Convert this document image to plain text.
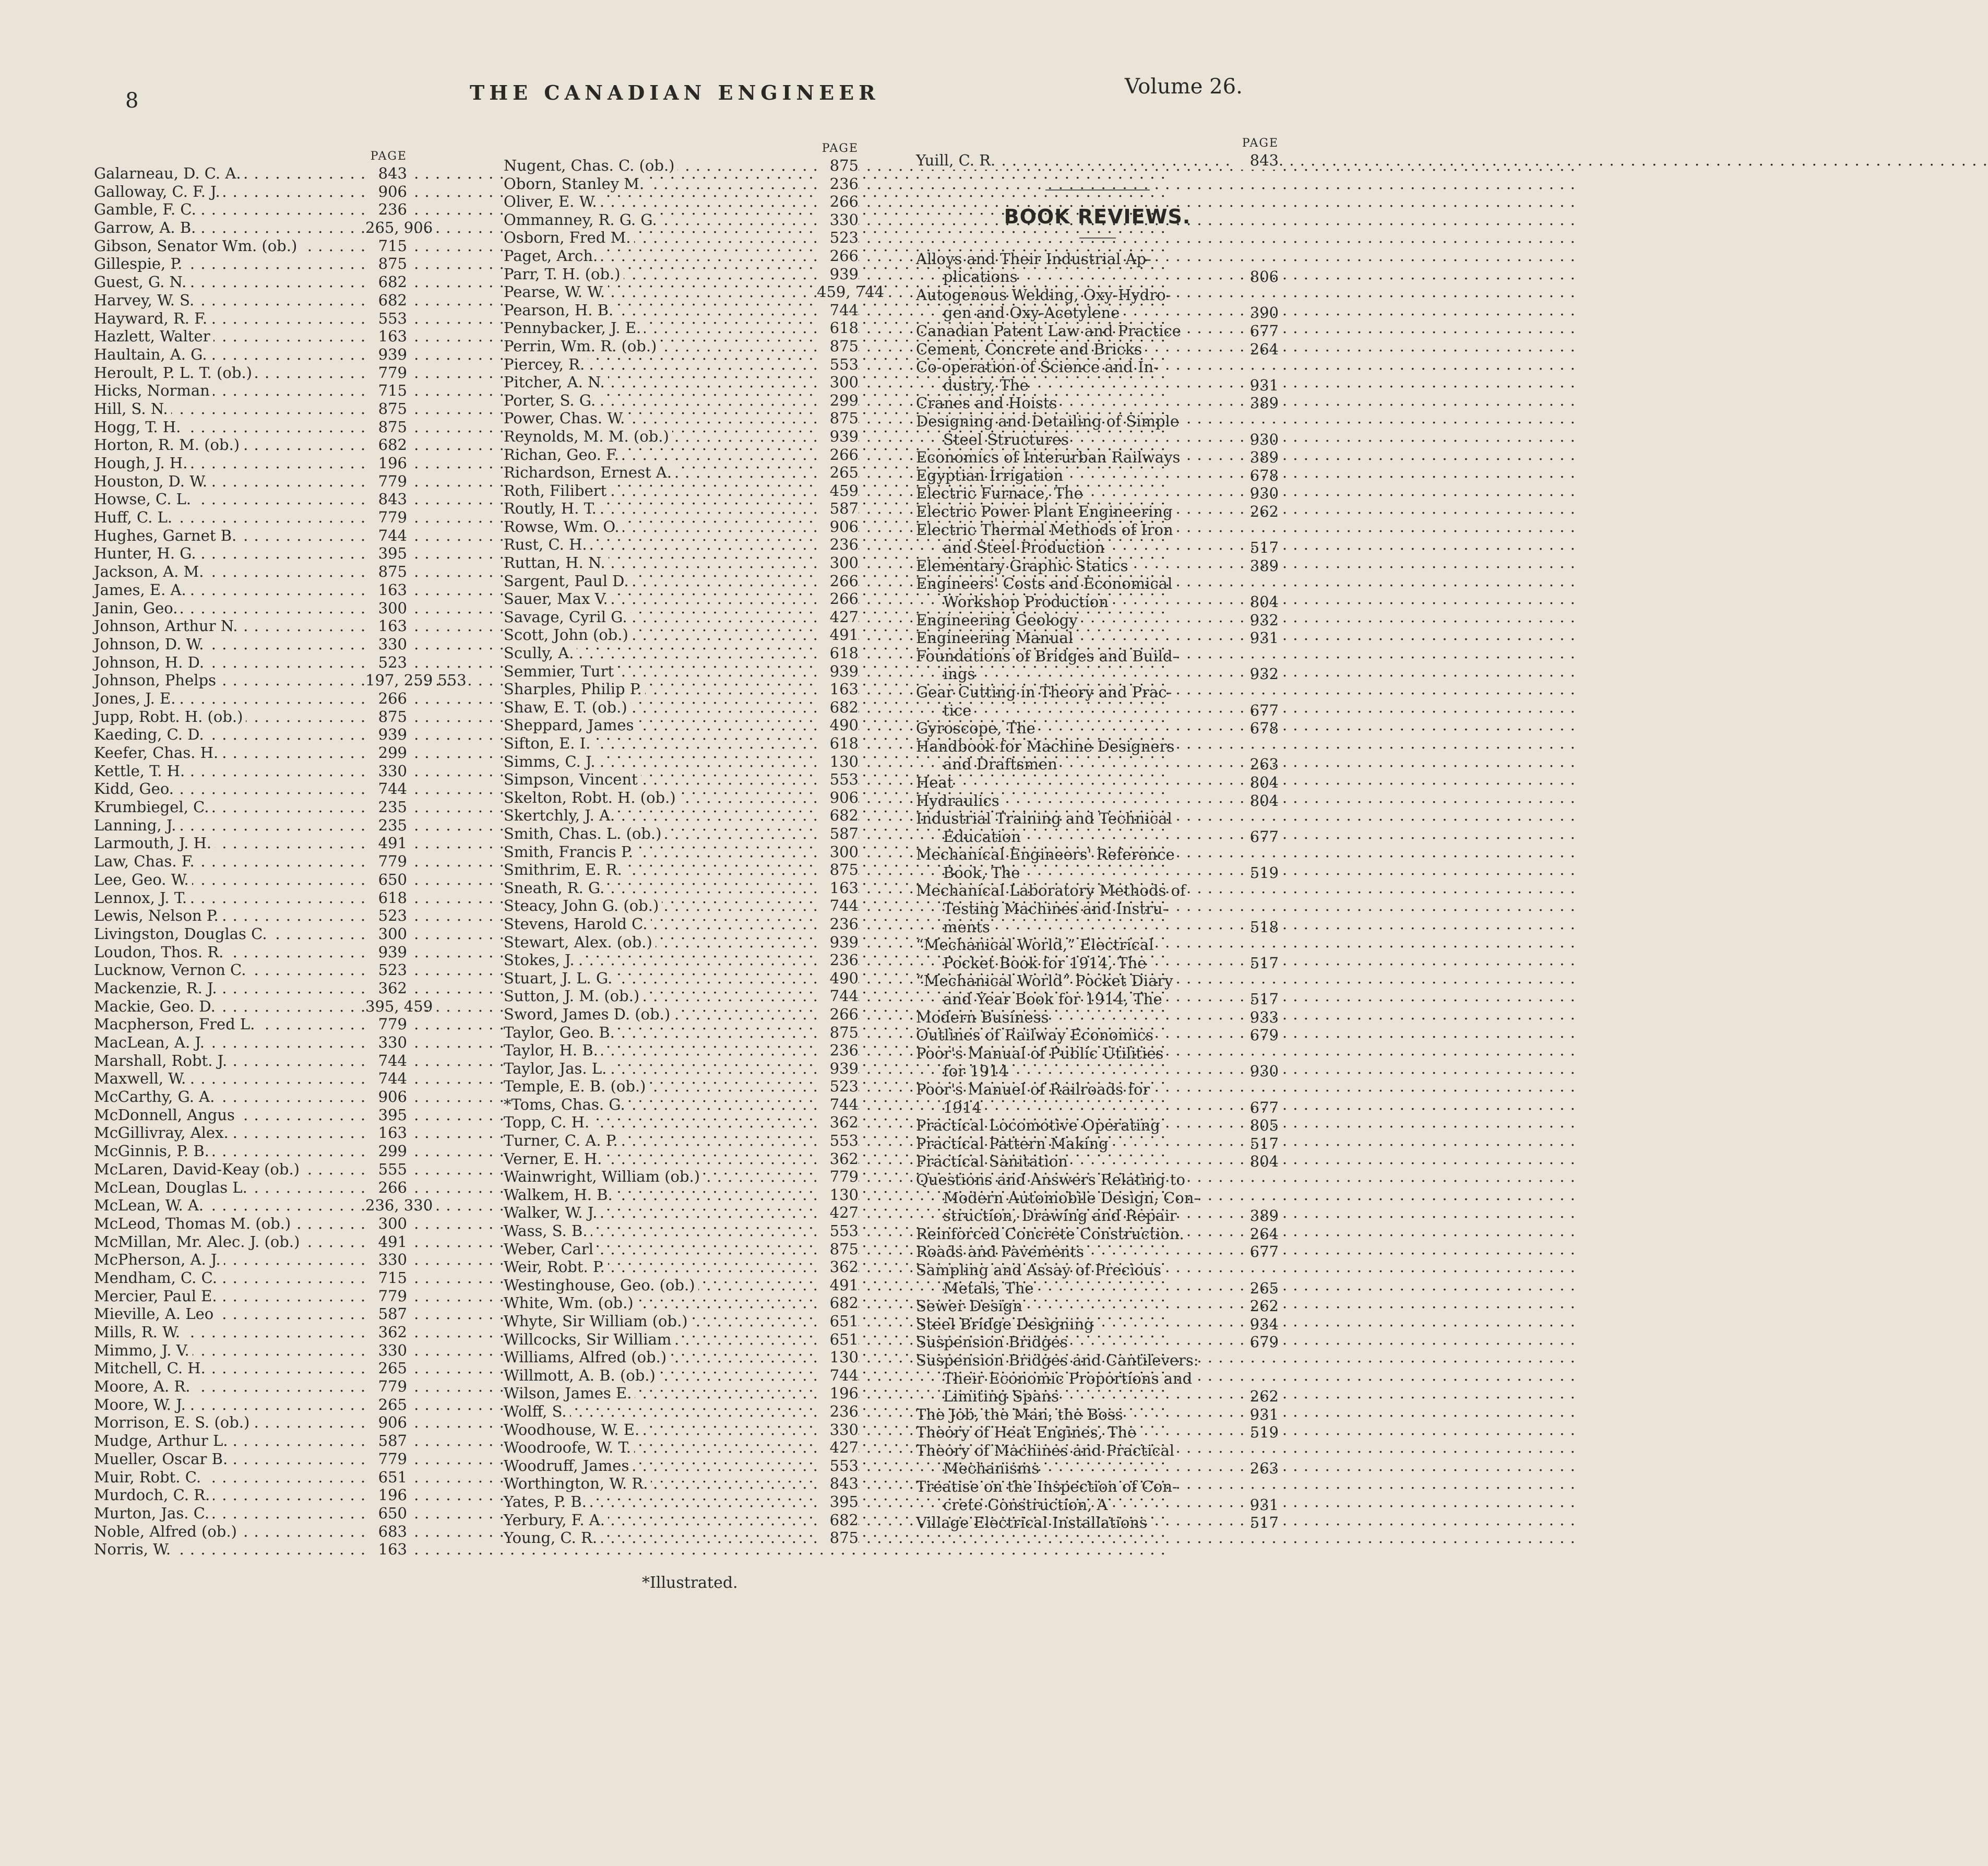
8	THE CANADIAN ENGINEER	Volume 26.
PAGE
Galarneau, D. C. A. . . .	843
Galloway, C. F. J. . . .	906
Gamble, F. C. . . .	236
Garrow, A. B. . . .	265, 906
Gibson, Senator Wm. (ob.) . . .	715
Gillespie, P. . . .	875
Guest, G. N. . . .	682
Harvey, W. S. . . .	682
Hayward, R. F. . . .	553
Hazlett, Walter . . .	163
Haultain, A. G. . . .	939
Heroult, P. L. T. (ob.) . . .	779
Hicks, Norman . . .	715
Hill, S. N. . . .	875
Hogg, T. H. . . .	875
Horton, R. M. (ob.) . . .	682
Hough, J. H. . . .	196
Houston, D. W. . . .	779
Howse, C. L. . . .	843
Huff, C. L. . . .	779
Hughes, Garnet B. . . .	744
Hunter, H. G. . . .	395
Jackson, A. M. . . .	875
James, E. A. . . .	163
Janin, Geo. . . .	300
Johnson, Arthur N. . . .	163
Johnson, D. W. . . .	330
Johnson, H. D. . . .	523
Johnson, Phelps . . .	197, 259 553
Jones, J. E. . . .	266
Jupp, Robt. H. (ob.) . . .	875
Kaeding, C. D. . . .	939
Keefer, Chas. H. . . .	299
Kettle, T. H. . . .	330
Kidd, Geo. . . .	744
Krumbiegel, C. . . .	235
Lanning, J. . . .	235
Larmouth, J. H. . . .	491
Law, Chas. F. . . .	779
Lee, Geo. W. . . .	650
Lennox, J. T. . . .	618
Lewis, Nelson P. . . .	523
Livingston, Douglas C. . . .	300
Loudon, Thos. R. . . .	939
Lucknow, Vernon C. . . .	523
Mackenzie, R. J. . . .	362
Mackie, Geo. D. . . .	395, 459
Macpherson, Fred L. . . .	779
MacLean, A. J. . . .	330
Marshall, Robt. J. . . .	744
Maxwell, W. . . .	744
McCarthy, G. A. . . .	906
McDonnell, Angus . . .	395
McGillivray, Alex. . . .	163
McGinnis, P. B. . . .	299
McLaren, David-Keay (ob.) . . .	555
McLean, Douglas L. . . .	266
McLean, W. A. . . .	236, 330
McLeod, Thomas M. (ob.) . . .	300
McMillan, Mr. Alec. J. (ob.) . . .	491
McPherson, A. J. . . .	330
Mendham, C. C. . . .	715
Mercier, Paul E. . . .	779
Mieville, A. Leo . . .	587
Mills, R. W. . . .	362
Mimmo, J. V. . . .	330
Mitchell, C. H. . . .	265
Moore, A. R. . . .	779
Moore, W. J. . . .	265
Morrison, E. S. (ob.) . . .	906
Mudge, Arthur L. . . .	587
Mueller, Oscar B. . . .	779
Muir, Robt. C. . . .	651
Murdoch, C. R. . . .	196
Murton, Jas. C. . . .	650
Noble, Alfred (ob.) . . .	683
Norris, W. . . .	163
PAGE
Nugent, Chas. C. (ob.) . . .	875
Oborn, Stanley M. . . .	236
Oliver, E. W. . . .	266
Ommanney, R. G. G. . . .	330
Osborn, Fred M. . . .	523
Paget, Arch. . . .	266
Parr, T. H. (ob.) . . .	939
Pearse, W. W. . . .	459, 744
Pearson, H. B. . . .	744
Pennybacker, J. E. . . .	618
Perrin, Wm. R. (ob.) . . .	875
Piercey, R. . . .	553
Pitcher, A. N. . . .	300
Porter, S. G. . . .	299
Power, Chas. W. . . .	875
Reynolds, M. M. (ob.) . . .	939
Richan, Geo. F. . . .	266
Richardson, Ernest A. . . .	265
Roth, Filibert . . .	459
Routly, H. T. . . .	587
Rowse, Wm. O. . . .	906
Rust, C. H. . . .	236
Ruttan, H. N. . . .	300
Sargent, Paul D. . . .	266
Sauer, Max V. . . .	266
Savage, Cyril G. . . .	427
Scott, John (ob.) . . .	491
Scully, A. . . .	618
Semmier, Turt . . .	939
Sharples, Philip P. . . .	163
Shaw, E. T. (ob.) . . .	682
Sheppard, James . . .	490
Sifton, E. I. . . .	618
Simms, C. J. . . .	130
Simpson, Vincent . . .	553
Skelton, Robt. H. (ob.) . . .	906
Skertchly, J. A. . . .	682
Smith, Chas. L. (ob.) . . .	587
Smith, Francis P. . . .	300
Smithrim, E. R. . . .	875
Sneath, R. G. . . .	163
Steacy, John G. (ob.) . . .	744
Stevens, Harold C. . . .	236
Stewart, Alex. (ob.) . . .	939
Stokes, J. . . .	236
Stuart, J. L. G. . . .	490
Sutton, J. M. (ob.) . . .	744
Sword, James D. (ob.) . . .	266
Taylor, Geo. B. . . .	875
Taylor, H. B. . . .	236
Taylor, Jas. L. . . .	939
Temple, E. B. (ob.) . . .	523
*Toms, Chas. G. . . .	744
Topp, C. H. . . .	362
Turner, C. A. P. . . .	553
Verner, E. H. . . .	362
Wainwright, William (ob.) . . .	779
Walkem, H. B. . . .	130
Walker, W. J. . . .	427
Wass, S. B. . . .	553
Weber, Carl . . .	875
Weir, Robt. P. . . .	362
Westinghouse, Geo. (ob.) . . .	491
White, Wm. (ob.) . . .	682
Whyte, Sir William (ob.) . . .	651
Willcocks, Sir William . . .	651
Williams, Alfred (ob.) . . .	130
Willmott, A. B. (ob.) . . .	744
Wilson, James E. . . .	196
Wolff, S. . . .	236
Woodhouse, W. E. . . .	330
Woodroofe, W. T. . . .	427
Woodruff, James . . .	553
Worthington, W. R. . . .	843
Yates, P. B. . . .	395
Yerbury, F. A. . . .	682
Young, C. R. . . .	875
PAGE
Yuill, C. R. . . .	843
BOOK REVIEWS.
Alloys and Their Industrial Ap-
plications	806
Autogenous Welding, Oxy-Hydro-
gen and Oxy-Acetylene	390
Canadian Patent Law and Practice	677
Cement, Concrete and Bricks	264
Co-operation of Science and In-
dustry, The	931
Cranes and Hoists	389
Designing and Detailing of Simple
Steel Structures	930
Economics of Interurban Railways	389
Egyptian Irrigation	678
Electric Furnace, The	930
Electric Power Plant Engineering	262
Electric Thermal Methods of Iron
and Steel Production	517
Elementary Graphic Statics	389
Engineers' Costs and Economical
Workshop Production	804
Engineering Geology	932
Engineering Manual	931
Foundations of Bridges and Build-
ings	932
Gear Cutting in Theory and Prac-
tice	677
Gyroscope, The	678
Handbook for Machine Designers
and Draftsmen	263
Heat	804
Hydraulics	804
Industrial Training and Technical
Education	677
Mechanical Engineers' Reference
Book, The	519
Mechanical Laboratory Methods of
Testing Machines and Instru-
ments	518
“Mechanical World,” Electrical
Pocket Book for 1914, The	517
“Mechanical World” Pocket Diary
and Year Book for 1914, The	517
Modern Business	933
Outlines of Railway Economics	679
Poor's Manual of Public Utilities
for 1914	930
Poor's Manuel of Railroads for
1914	677
Practical Locomotive Operating	805
Practical Pattern Making	517
Practical Sanitation	804
Questions and Answers Relating to
Modern Automobile Design, Con-
struction, Drawing and Repair	389
Reinforced Concrete Construction.	264
Roads and Pavements	677
Sampling and Assay of Precious
Metals, The	265
Sewer Design	262
Steel Bridge Designing	934
Suspension Bridges	679
Suspension Bridges and Cantilevers:
Their Economic Proportions and
Limiting Spans	262
The Job, the Man, the Boss	931
Theory of Heat Engines, The	519
Theory of Machines and Practical
Mechanisms	263
Treatise on the Inspection of Con-
crete Construction, A	931
Village Electrical Installations	517
*Illustrated.
